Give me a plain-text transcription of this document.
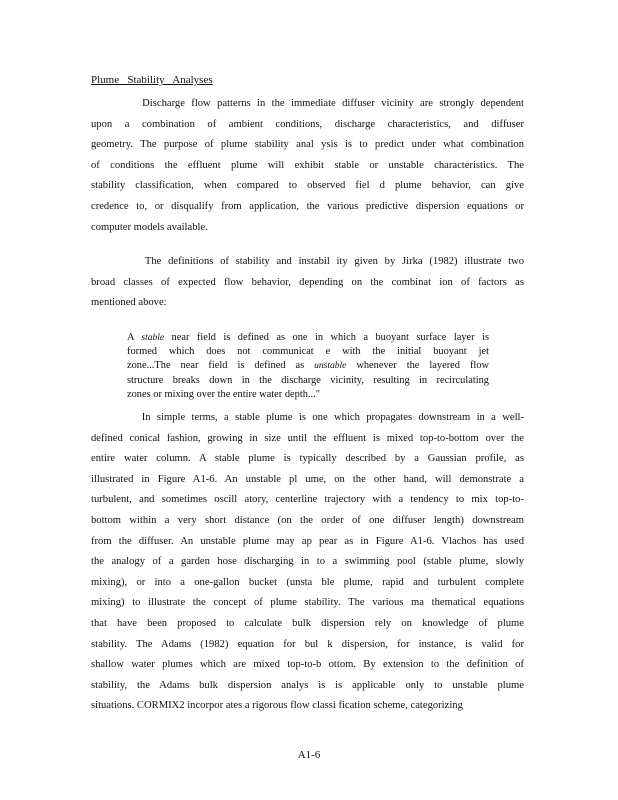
Plume   Stability   Analyses
Discharge flow patterns in the immediate diffuser vicinity are strongly dependent
upon a combination of ambient conditions, discharge characteristics, and diffuser
geometry. The purpose of plume stability anal ysis is to predict under what combination
of conditions the effluent plume will exhibit stable or unstable characteristics. The
stability classification, when compared to observed fiel d plume behavior, can give
credence to, or disqualify from application, the various predictive dispersion equations or
computer models available.
The definitions of stability and instabil ity given by Jirka (1982) illustrate two
broad classes of expected flow behavior, depending on the combinat ion of factors as
mentioned above:
A stable near field is defined as one in which a buoyant surface layer is
formed which does not communicat e with the initial buoyant jet
zone...The near field is defined as unstable whenever the layered flow
structure breaks down in the discharge vicinity, resulting in recirculating
zones or mixing over the entire water depth..."
In simple terms, a stable plume is one which propagates downstream in a well-
defined conical fashion, growing in size until the effluent is mixed top-to-bottom over the
entire water column. A stable plume is typically described by a Gaussian profile, as
illustrated in Figure A1-6. An unstable pl ume, on the other hand, will demonstrate a
turbulent, and sometimes oscill atory, centerline trajectory with a tendency to mix top-to-
bottom within a very short distance (on the order of one diffuser length) downstream
from the diffuser. An unstable plume may ap pear as in Figure A1-6. Vlachos has used
the analogy of a garden hose discharging in to a swimming pool (stable plume, slowly
mixing), or into a one-gallon bucket (unsta ble plume, rapid and turbulent complete
mixing) to illustrate the concept of plume stability. The various ma thematical equations
that have been proposed to calculate bulk dispersion rely on knowledge of plume
stability. The Adams (1982) equation for bul k dispersion, for instance, is valid for
shallow water plumes which are mixed top-to-b ottom. By extension to the definition of
stability, the Adams bulk dispersion analys is is applicable only to unstable plume
situations. CORMIX2 incorpor ates a rigorous flow classi fication scheme, categorizing
A1-6
